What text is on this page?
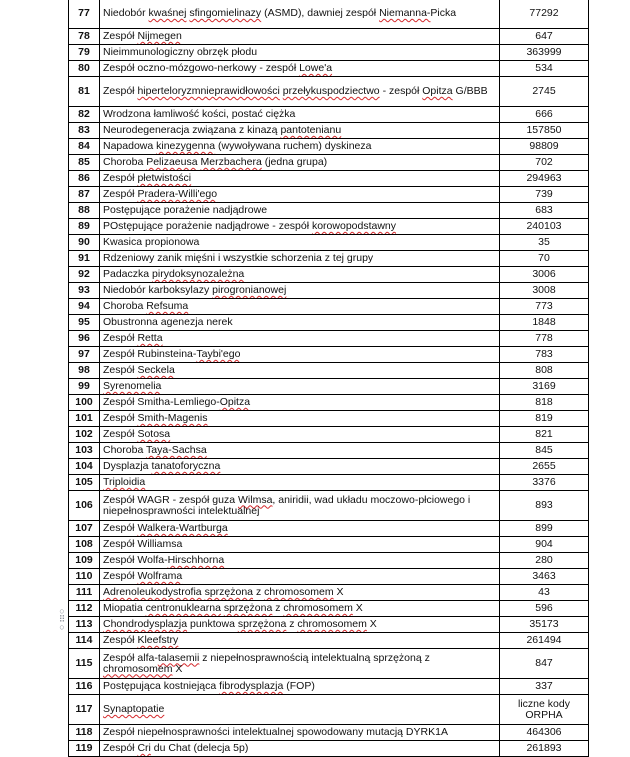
○
⠿
○
77	Niedobór kwaśnej sfingomielinazy (ASMD), dawniej zespół Niemanna-Picka	77292
78	Zespół Nijmegen	647
79	Nieimmunologiczny obrzęk płodu	363999
80	Zespół oczno-mózgowo-nerkowy - zespół Lowe'a	534
81	Zespół hiperteloryzmnieprawidłowości przełykuspodziectwo - zespół Opitza G/BBB	2745
82	Wrodzona łamliwość kości, postać ciężka	666
83	Neurodegeneracja związana z kinazą pantotenianu	157850
84	Napadowa kinezygenna (wywoływana ruchem) dyskineza	98809
85	Choroba Pelizaeusa Merzbachera (jedna grupa)	702
86	Zespół płetwistości	294963
87	Zespół Pradera-Willi'ego	739
88	Postępujące porażenie nadjądrowe	683
89	POstępujące porażenie nadjądrowe - zespół korowopodstawny	240103
90	Kwasica propionowa	35
91	Rdzeniowy zanik mięśni i wszystkie schorzenia z tej grupy	70
92	Padaczka pirydoksynozależna	3006
93	Niedobór karboksylazy pirogronianowej	3008
94	Choroba Refsuma	773
95	Obustronna agenezja nerek	1848
96	Zespół Retta	778
97	Zespół Rubinsteina-Taybi'ego	783
98	Zespół Seckela	808
99	Syrenomelia	3169
100	Zespół Smitha-Lemliego-Opitza	818
101	Zespół Smith-Magenis	819
102	Zespół Sotosa	821
103	Choroba Taya-Sachsa	845
104	Dysplazja tanatoforyczna	2655
105	Triploidia	3376
106	Zespół WAGR - zespół guza Wilmsa, aniridii, wad układu moczowo-płciowego i niepełnosprawności intelektualnej	893
107	Zespół Walkera-Wartburga	899
108	Zespół Williamsa	904
109	Zespół Wolfa-Hirschhorna	280
110	Zespół Wolframa	3463
111	Adrenoleukodystrofia sprzężona z chromosomem X	43
112	Miopatia centronuklearna sprzężona z chromosomem X	596
113	Chondrodysplazja punktowa sprzężona z chromosomem X	35173
114	Zespół Kleefstry	261494
115	Zespół alfa-talasemii z niepełnosprawnością intelektualną sprzężoną z chromosomem X	847
116	Postępująca kostniejąca fibrodysplazja (FOP)	337
117	Synaptopatie	liczne kody ORPHA
118	Zespół niepełnosprawności intelektualnej spowodowany mutacją DYRK1A	464306
119	Zespół Cri du Chat (delecja 5p)	261893
